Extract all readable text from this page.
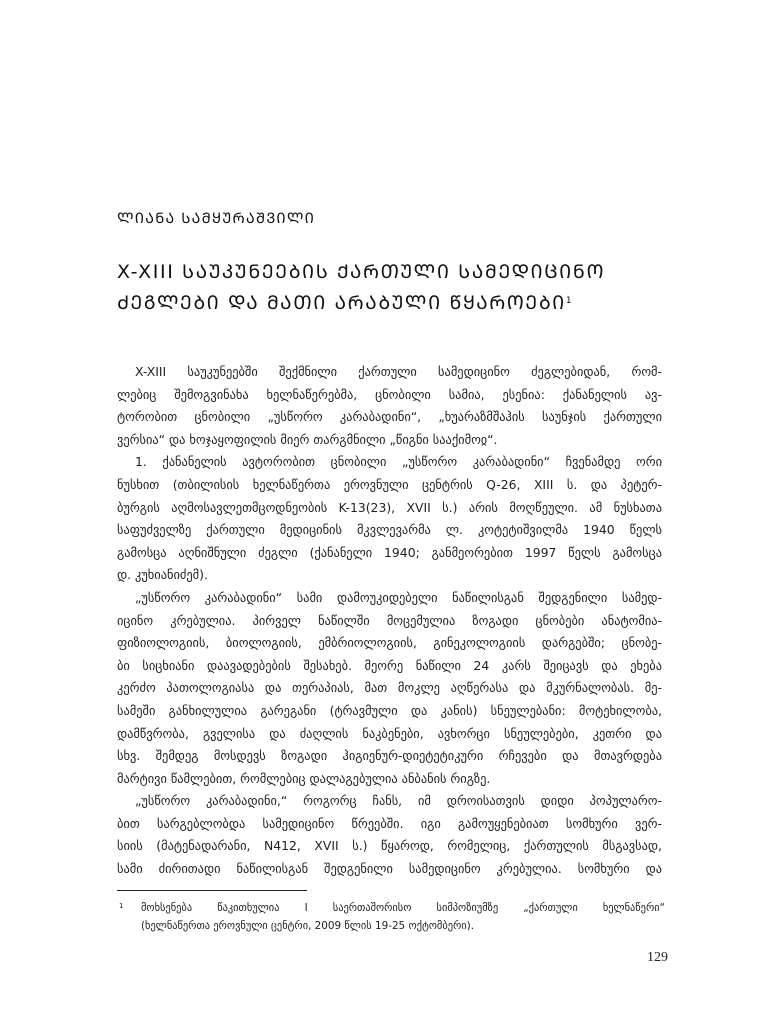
ᲚᲘᲐᲜᲐ ᲡᲐᲛᲧᲣᲠᲐᲨᲕᲘᲚᲘ
X-XIII ᲡᲐᲣᲙᲣᲜᲔᲔᲑᲘᲡ ᲥᲐᲠᲗᲣᲚᲘ ᲡᲐᲛᲔᲓᲘᲪᲘᲜᲝ
ᲫᲔᲒᲚᲔᲑᲘ ᲓᲐ ᲛᲐᲗᲘ ᲐᲠᲐᲑᲣᲚᲘ ᲬᲧᲐᲠᲝᲔᲑᲘ$^1$
X-XIII საუკუნეებში შექმნილი ქართული სამედიცინო ძეგლებიდან, რომ-
ლებიც შემოგვინახა ხელნაწერებმა, ცნობილი სამია, ესენია: ქანანელის ავ-
ტორობით ცნობილი „უსწორო კარაბადინი“, „ხუარაზმშაჰის საუნჯის ქართული
ვერსია“ და ხოჯაყოფილის მიერ თარგმნილი „წიგნი სააქიმოჲ“.
1. ქანანელის ავტორობით ცნობილი „უსწორო კარაბადინი“ ჩვენამდე ორი
ნუსხით (თბილისის ხელნაწერთა ეროვნული ცენტრის Q-26, XIII ს. და პეტერ-
ბურგის აღმოსავლეთმცოდნეობის K-13(23), XVII ს.) არის მოღწეული. ამ ნუსხათა
საფუძველზე ქართული მედიცინის მკვლევარმა ლ. კოტეტიშვილმა 1940 წელს
გამოსცა აღნიშნული ძეგლი (ქანანელი 1940; განმეორებით 1997 წელს გამოსცა
დ. კუხიანიძემ).
„უსწორო კარაბადინი“ სამი დამოუკიდებელი ნაწილისგან შედგენილი სამედ-
იცინო კრებულია. პირველ ნაწილში მოცემულია ზოგადი ცნობები ანატომია-
ფიზიოლოგიის, ბიოლოგიის, ემბრიოლოგიის, გინეკოლოგიის დარგებში; ცნობე-
ბი სიცხიანი დაავადებების შესახებ. მეორე ნაწილი 24 კარს შეიცავს და ეხება
კერძო პათოლოგიასა და თერაპიას, მათ მოკლე აღწერასა და მკურნალობას. მე-
სამეში განხილულია გარეგანი (ტრავმული და კანის) სნეულებანი: მოტეხილობა,
დამწვრობა, გველისა და ძაღლის ნაკბენები, ავხორცი სნეულებები, კეთრი და
სხვ. შემდეგ მოსდევს ზოგადი ჰიგიენურ-დიეტეტიკური რჩევები და მთავრდება
მარტივი წამლებით, რომლებიც დალაგებულია ანბანის რიგზე.
„უსწორო კარაბადინი,“ როგორც ჩანს, იმ დროისათვის დიდი პოპულარო-
ბით სარგებლობდა სამედიცინო წრეებში. იგი გამოუყენებიათ სომხური ვერ-
სიის (მატენადარანი, N412, XVII ს.) წყაროდ, რომელიც, ქართულის მსგავსად,
სამი ძირითადი ნაწილისგან შედგენილი სამედიცინო კრებულია. სომხური და
1	მოხსენება წაკითხულია I საერთაშორისო სიმპოზიუმზე „ქართული ხელნაწერი“
(ხელნაწერთა ეროვნული ცენტრი, 2009 წლის 19-25 ოქტომბერი).
129
